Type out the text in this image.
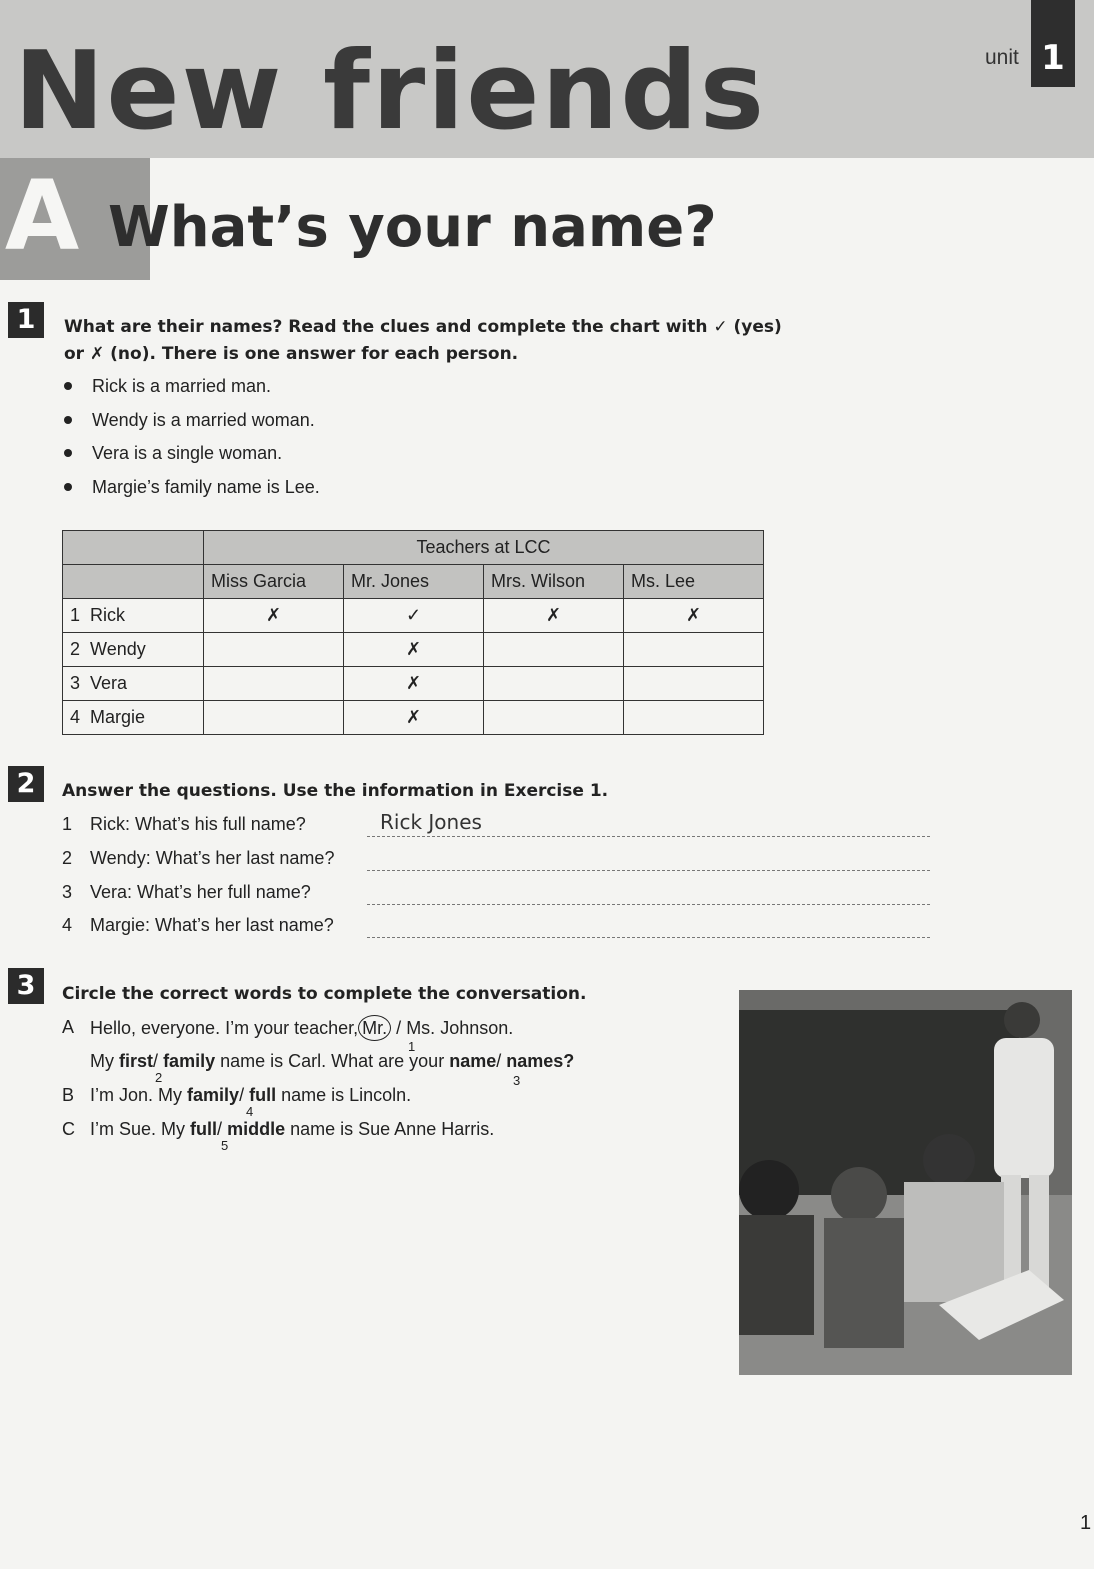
New friends	unit 1

A What’s your name?
1	What are their names? Read the clues and complete the chart with ✓ (yes)
or ✗ (no). There is one answer for each person.
Rick is a married man.
Wendy is a married woman.
Vera is a single woman.
Margie’s family name is Lee.
	Teachers at LCC			
	Miss Garcia	Mr. Jones	Mrs. Wilson	Ms. Lee
1 Rick	✗	✓	✗	✗
2 Wendy		✗		
3 Vera		✗		
4 Margie		✗		
2	Answer the questions. Use the information in Exercise 1.
1 Rick: What’s his full name?	Rick Jones
2 Wendy: What’s her last name?
3 Vera: What’s her full name?
4 Margie: What’s her last name?
3	Circle the correct words to complete the conversation.
A Hello, everyone. I’m your teacher, Mr. / Ms. Johnson.
1
My first/ family name is Carl. What are your name/ names?
2	3
B I’m Jon. My family/ full name is Lincoln.
4
C I’m Sue. My full/ middle name is Sue Anne Harris.
5
1
